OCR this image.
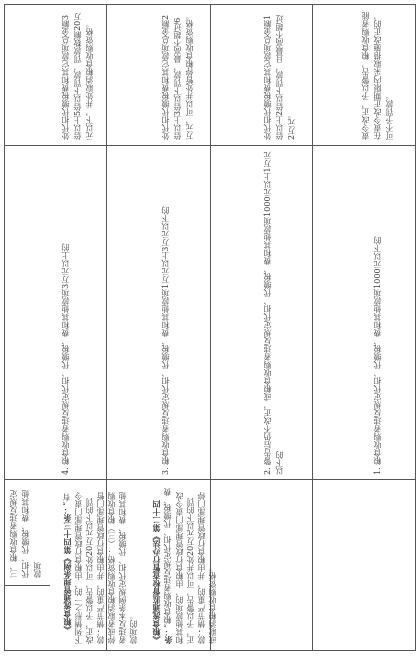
三、粮食收购者违反规定代扣、代缴税、费和其他款项	《粮食流通管理条例》第四十三条：“有下列情形之一的，由粮食行政管理部门责令改正，予以警告，可以处20万元以下的罚款；情节严重的，并由粮食行政管理部门暂停或者取消粮食收购资格：（三）粮食收购者违反本条例规定代扣、代缴税、费和其他款项的。 《粮食流通监督检查暂行办法》第二十四条：“粮食收购者违反规定代扣、代缴税、费和其他款项的，由粮食行政管理部门责令改正，予以警告，可以并处20万元以下的罚款；情节严重的，并由粮食行政管理部门停或取消粮食收购资格。

4. 粮食收购者违反规定代扣、代缴税、费和其他款项3万元以上的
处代扣代缴税费和其它款项总金额3倍以上5倍以下罚款，罚款数额20万元以下，并处取消粮食收购资格。
3. 粮食收购者违反规定代扣、代缴税、费和其他款项1万元以上3万元以下的
处代扣代缴税费和其它款项总金额2倍以上3倍以下罚款，最高不超过6万元，可以并处暂停粮食收购资格。
2. 警告后仍不改正，或粮食收购者违反规定代扣、代缴税、费和其他款项1000元以上1万元以下的
处代扣代缴税费和其它款项总金额1倍以上2倍以下罚款，且最高不超过2万元。
1. 粮食收购者违反规定代扣、代缴税、费和其他款项1000元以下的
责令改正，予以警告，粮食收购者能在责令改正期限内采取措施改正的，可不予罚款。
